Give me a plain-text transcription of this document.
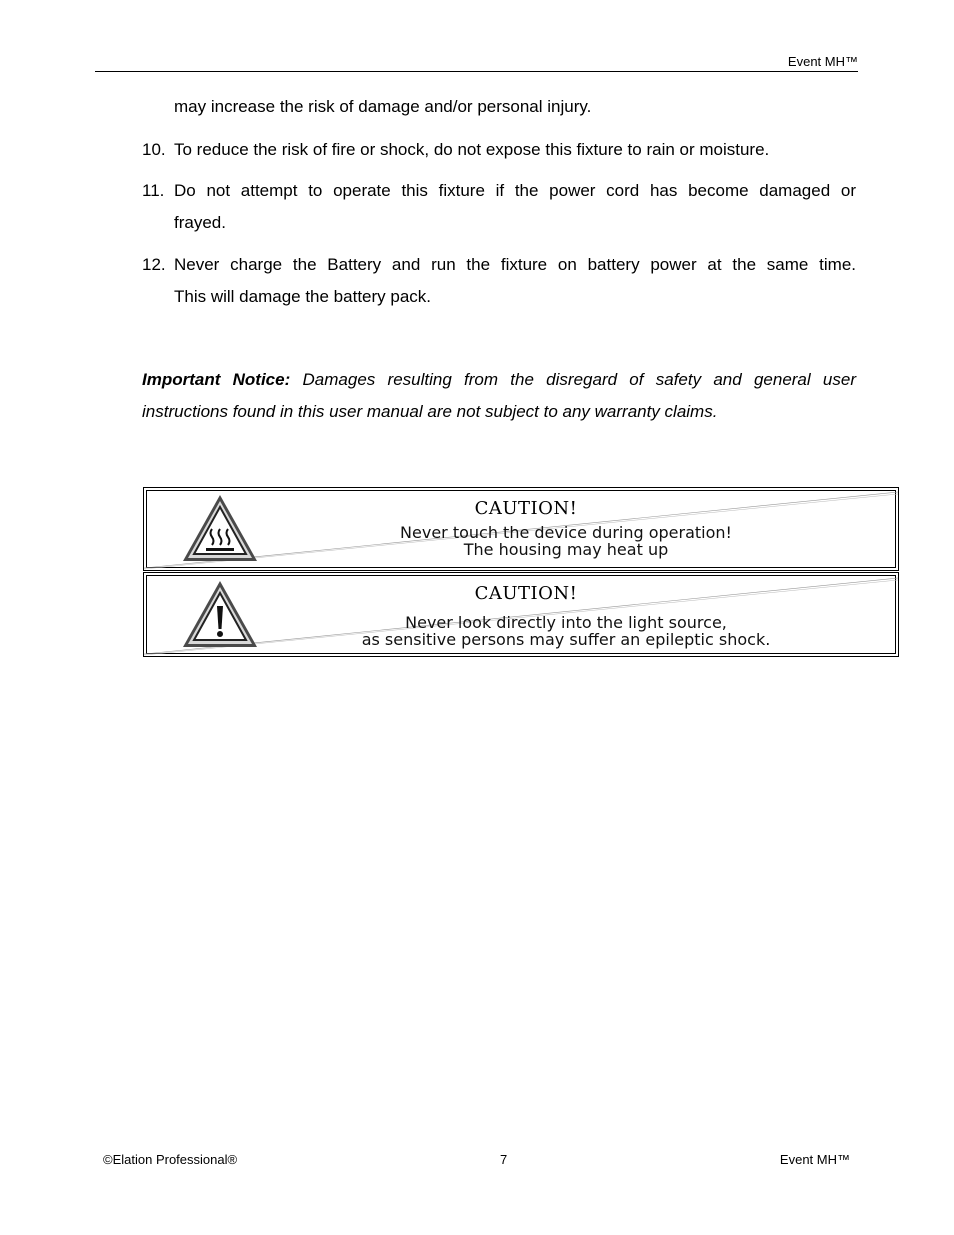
Event MH™
may increase the risk of damage and/or personal injury.
10. To reduce the risk of fire or shock, do not expose this fixture to rain or moisture.
11. Do not attempt to operate this fixture if the power cord has become damaged or
frayed.
12. Never charge the Battery and run the fixture on battery power at the same time.
This will damage the battery pack.
Important Notice: Damages resulting from the disregard of safety and general user
instructions found in this user manual are not subject to any warranty claims.
CAUTION!
Never touch the device during operation!
The housing may heat up
CAUTION!
Never look directly into the light source,
as sensitive persons may suffer an epileptic shock.
©Elation Professional®	7	Event MH™
